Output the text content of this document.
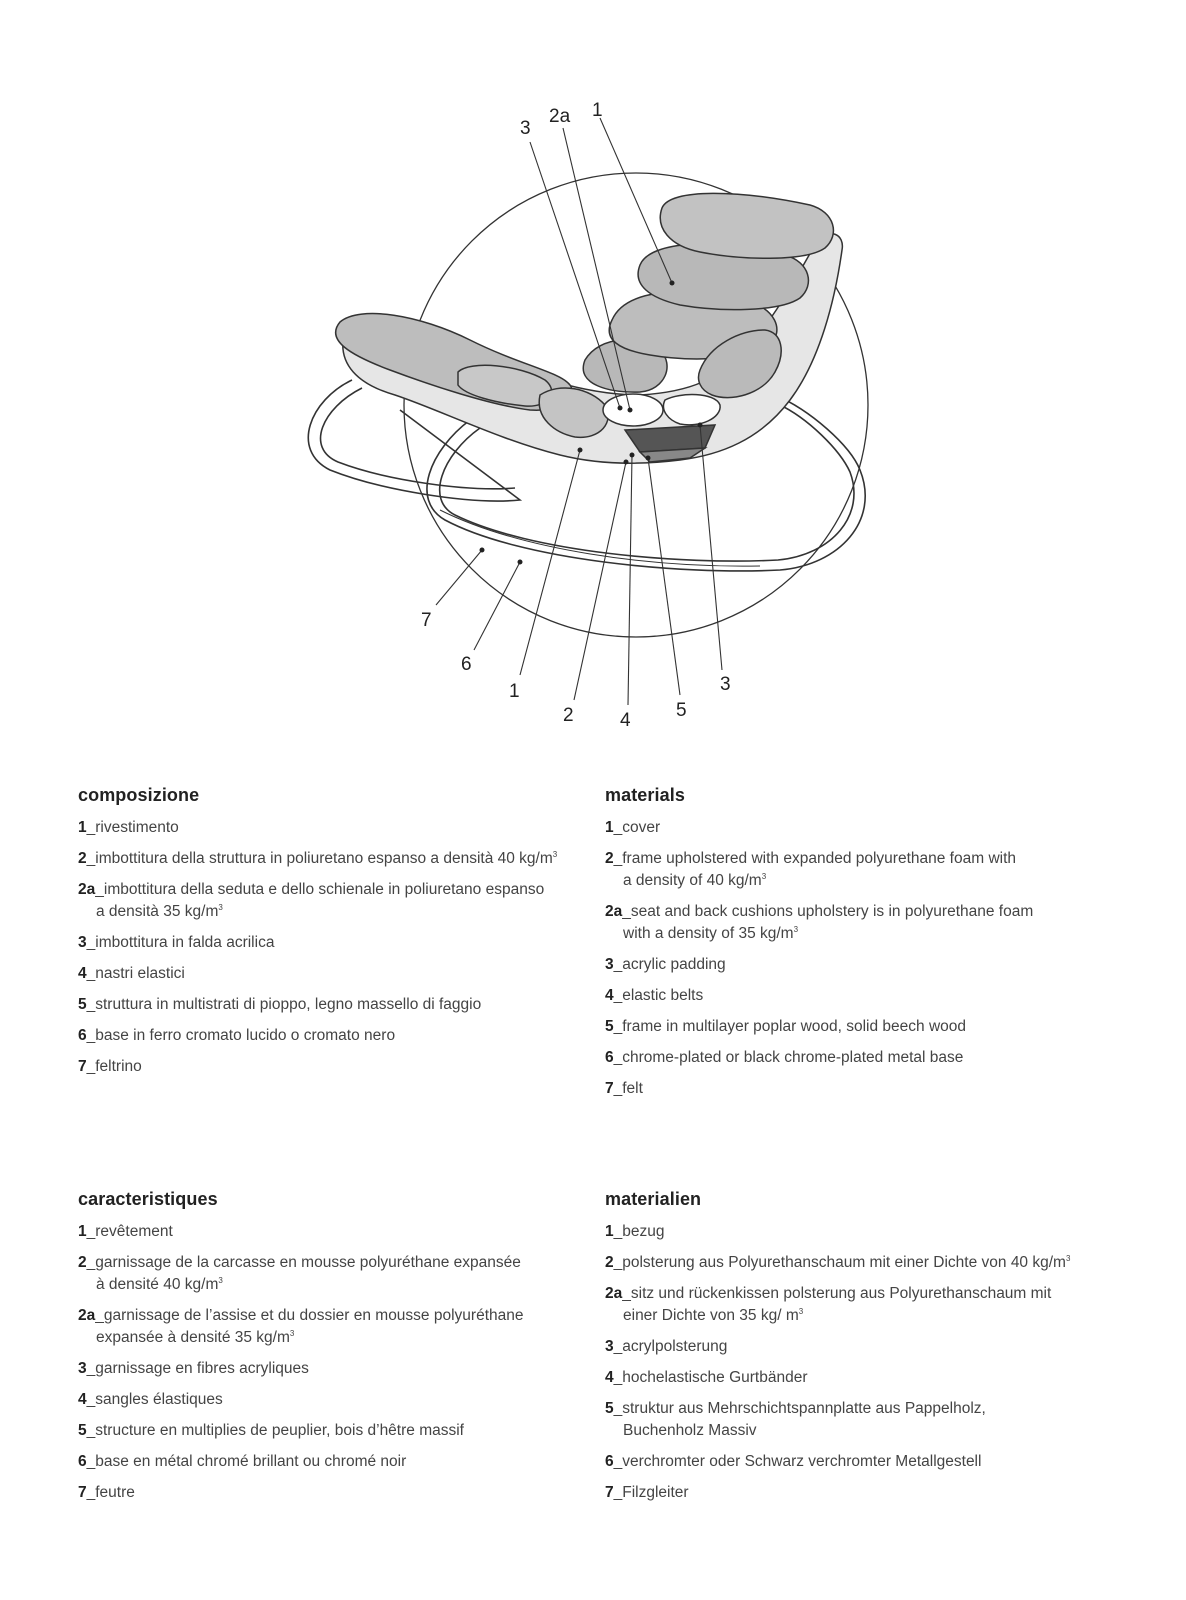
3
2a 1
7
6
1
2 4 5
3
composizione
1_rivestimento
2_imbottitura della struttura in poliuretano espanso a densità 40 $kg/m^3$
2a_imbottitura della seduta e dello schienale in poliuretano espanso
a densità 35 $kg/m^3$
3_imbottitura in falda acrilica
4_nastri elastici
5_struttura in multistrati di pioppo, legno massello di faggio
6_base in ferro cromato lucido o cromato nero
7_feltrino
materials
1_cover
2_frame upholstered with expanded polyurethane foam with
a density of 40 $kg/m^3$
2a_seat and back cushions upholstery is in polyurethane foam
with a density of 35 $kg/m^3$
3_acrylic padding
4_elastic belts
5_frame in multilayer poplar wood, solid beech wood
6_chrome-plated or black chrome-plated metal base
7_felt
caracteristiques
1_revêtement
2_garnissage de la carcasse en mousse polyuréthane expansée
à densité 40 $kg/m^3$
2a_garnissage de l’assise et du dossier en mousse polyuréthane
expansée à densité 35 $kg/m^3$
3_garnissage en fibres acryliques
4_sangles élastiques
5_structure en multiplies de peuplier, bois d’hêtre massif
6_base en métal chromé brillant ou chromé noir
7_feutre
materialien
1_bezug
2_polsterung aus Polyurethanschaum mit einer Dichte von 40 $kg/m^3$
2a_sitz und rückenkissen polsterung aus Polyurethanschaum mit
einer Dichte von 35 kg/ $m^3$
3_acrylpolsterung
4_hochelastische Gurtbänder
5_struktur aus Mehrschichtspannplatte aus Pappelholz,
Buchenholz Massiv
6_verchromter oder Schwarz verchromter Metallgestell
7_Filzgleiter
